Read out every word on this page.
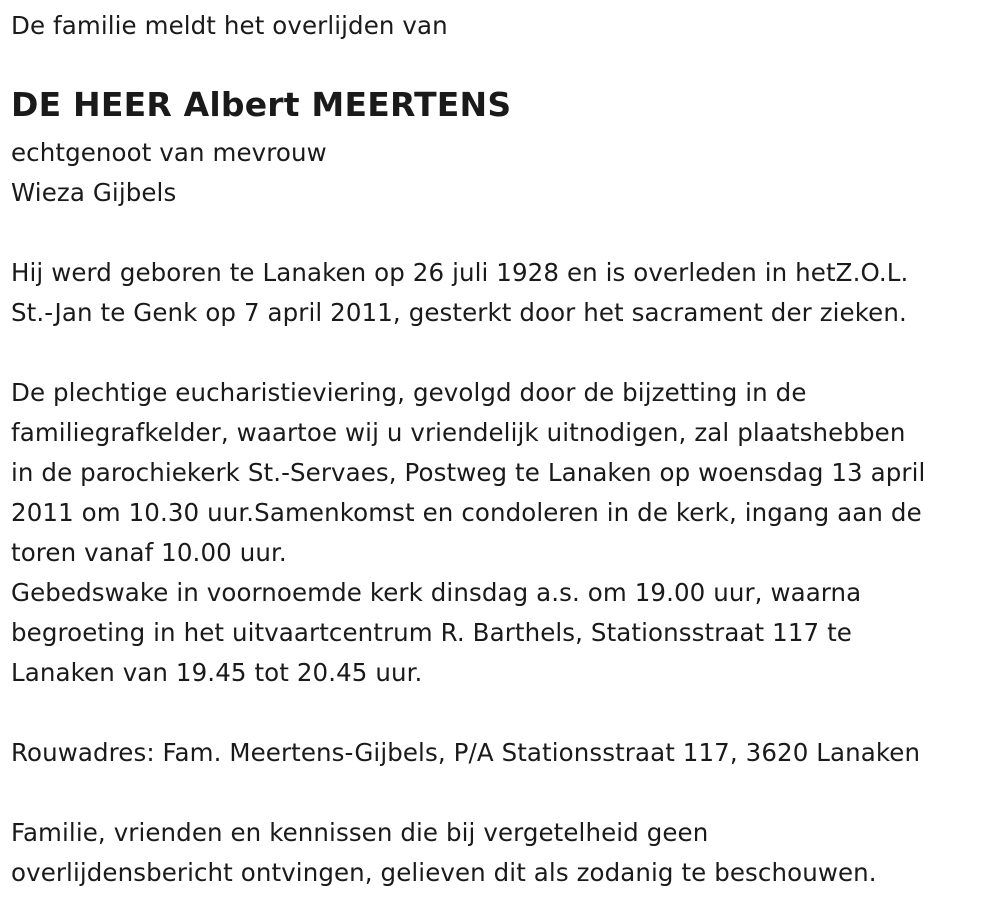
De familie meldt het overlijden van
DE HEER Albert MEERTENS
echtgenoot van mevrouw
Wieza Gijbels
Hij werd geboren te Lanaken op 26 juli 1928 en is overleden in hetZ.O.L.
St.-Jan te Genk op 7 april 2011, gesterkt door het sacrament der zieken.
De plechtige eucharistieviering, gevolgd door de bijzetting in de
familiegrafkelder, waartoe wij u vriendelijk uitnodigen, zal plaatshebben
in de parochiekerk St.-Servaes, Postweg te Lanaken op woensdag 13 april
2011 om 10.30 uur.Samenkomst en condoleren in de kerk, ingang aan de
toren vanaf 10.00 uur.
Gebedswake in voornoemde kerk dinsdag a.s. om 19.00 uur, waarna
begroeting in het uitvaartcentrum R. Barthels, Stationsstraat 117 te
Lanaken van 19.45 tot 20.45 uur.
Rouwadres: Fam. Meertens-Gijbels, P/A Stationsstraat 117, 3620 Lanaken
Familie, vrienden en kennissen die bij vergetelheid geen
overlijdensbericht ontvingen, gelieven dit als zodanig te beschouwen.
